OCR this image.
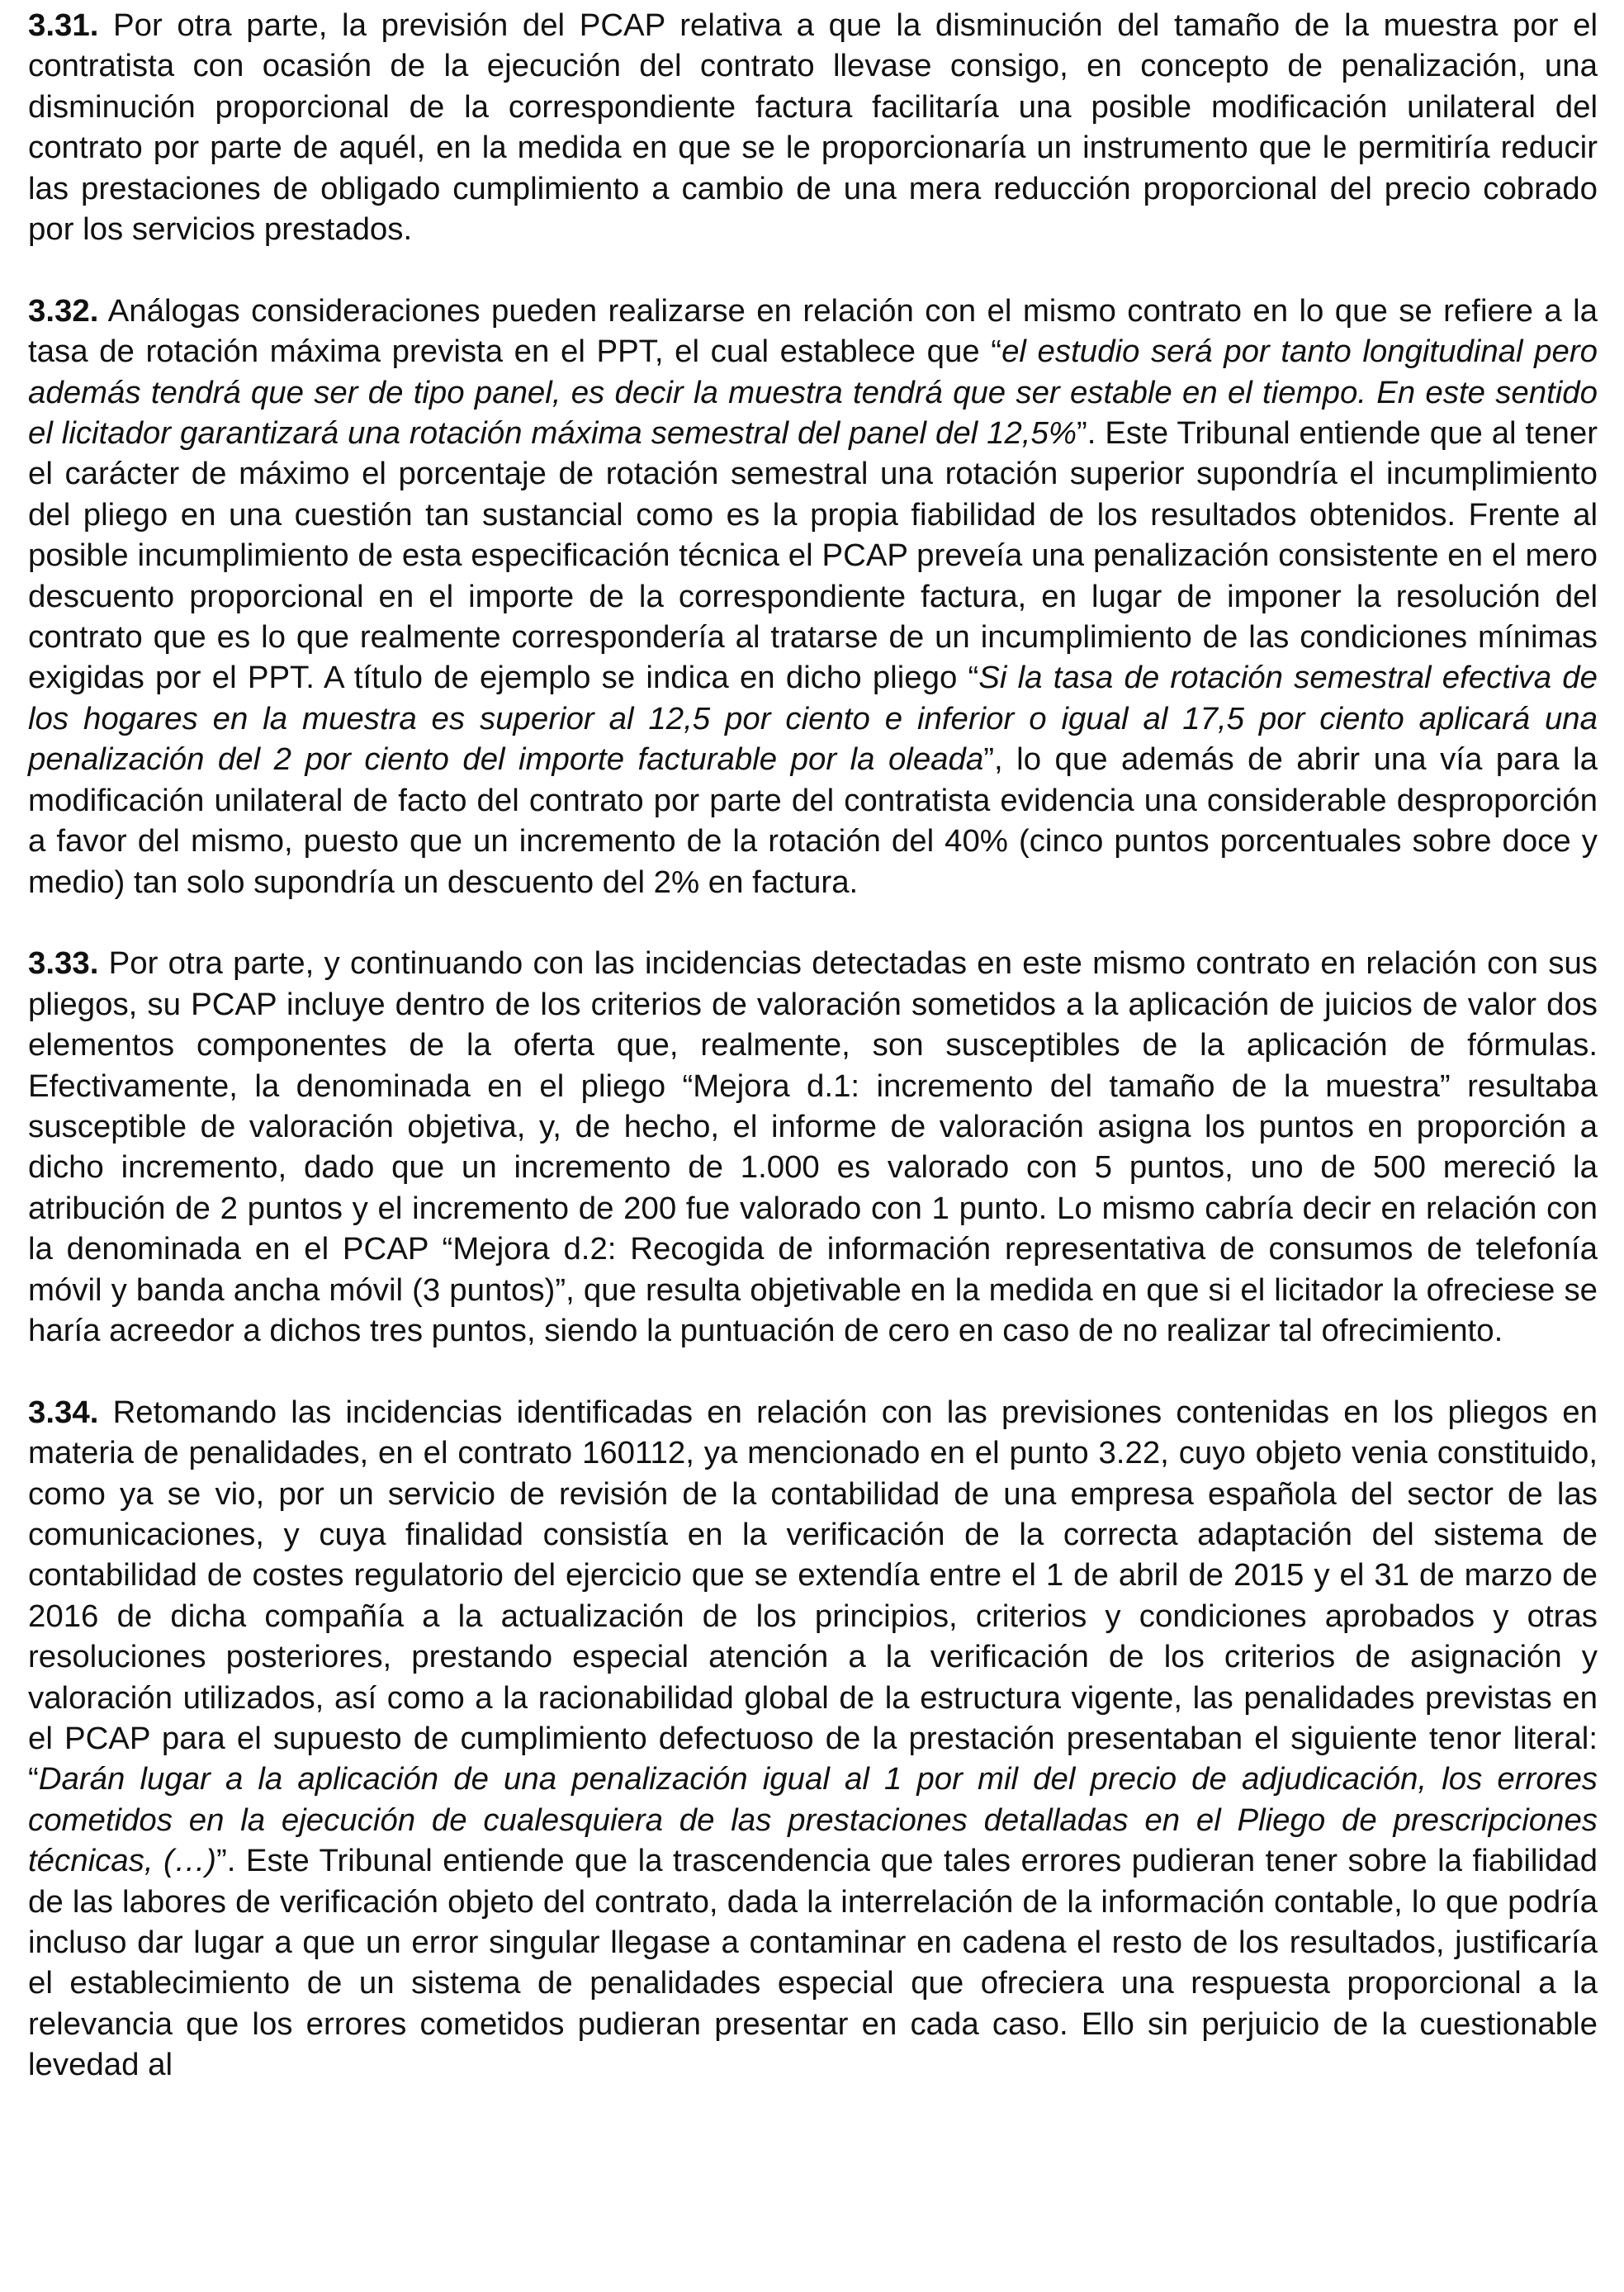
3.31. Por otra parte, la previsión del PCAP relativa a que la disminución del tamaño de la muestra por el contratista con ocasión de la ejecución del contrato llevase consigo, en concepto de penalización, una disminución proporcional de la correspondiente factura facilitaría una posible modificación unilateral del contrato por parte de aquél, en la medida en que se le proporcionaría un instrumento que le permitiría reducir las prestaciones de obligado cumplimiento a cambio de una mera reducción proporcional del precio cobrado por los servicios prestados.

3.32. Análogas consideraciones pueden realizarse en relación con el mismo contrato en lo que se refiere a la tasa de rotación máxima prevista en el PPT, el cual establece que “el estudio será por tanto longitudinal pero además tendrá que ser de tipo panel, es decir la muestra tendrá que ser estable en el tiempo. En este sentido el licitador garantizará una rotación máxima semestral del panel del 12,5%”. Este Tribunal entiende que al tener el carácter de máximo el porcentaje de rotación semestral una rotación superior supondría el incumplimiento del pliego en una cuestión tan sustancial como es la propia fiabilidad de los resultados obtenidos. Frente al posible incumplimiento de esta especificación técnica el PCAP preveía una penalización consistente en el mero descuento proporcional en el importe de la correspondiente factura, en lugar de imponer la resolución del contrato que es lo que realmente correspondería al tratarse de un incumplimiento de las condiciones mínimas exigidas por el PPT. A título de ejemplo se indica en dicho pliego “Si la tasa de rotación semestral efectiva de los hogares en la muestra es superior al 12,5 por ciento e inferior o igual al 17,5 por ciento aplicará una penalización del 2 por ciento del importe facturable por la oleada”, lo que además de abrir una vía para la modificación unilateral de facto del contrato por parte del contratista evidencia una considerable desproporción a favor del mismo, puesto que un incremento de la rotación del 40% (cinco puntos porcentuales sobre doce y medio) tan solo supondría un descuento del 2% en factura.

3.33. Por otra parte, y continuando con las incidencias detectadas en este mismo contrato en relación con sus pliegos, su PCAP incluye dentro de los criterios de valoración sometidos a la aplicación de juicios de valor dos elementos componentes de la oferta que, realmente, son susceptibles de la aplicación de fórmulas. Efectivamente, la denominada en el pliego “Mejora d.1: incremento del tamaño de la muestra” resultaba susceptible de valoración objetiva, y, de hecho, el informe de valoración asigna los puntos en proporción a dicho incremento, dado que un incremento de 1.000 es valorado con 5 puntos, uno de 500 mereció la atribución de 2 puntos y el incremento de 200 fue valorado con 1 punto. Lo mismo cabría decir en relación con la denominada en el PCAP “Mejora d.2: Recogida de información representativa de consumos de telefonía móvil y banda ancha móvil (3 puntos)”, que resulta objetivable en la medida en que si el licitador la ofreciese se haría acreedor a dichos tres puntos, siendo la puntuación de cero en caso de no realizar tal ofrecimiento.

3.34. Retomando las incidencias identificadas en relación con las previsiones contenidas en los pliegos en materia de penalidades, en el contrato 160112, ya mencionado en el punto 3.22, cuyo objeto venia constituido, como ya se vio, por un servicio de revisión de la contabilidad de una empresa española del sector de las comunicaciones, y cuya finalidad consistía en la verificación de la correcta adaptación del sistema de contabilidad de costes regulatorio del ejercicio que se extendía entre el 1 de abril de 2015 y el 31 de marzo de 2016 de dicha compañía a la actualización de los principios, criterios y condiciones aprobados y otras resoluciones posteriores, prestando especial atención a la verificación de los criterios de asignación y valoración utilizados, así como a la racionabilidad global de la estructura vigente, las penalidades previstas en el PCAP para el supuesto de cumplimiento defectuoso de la prestación presentaban el siguiente tenor literal: “Darán lugar a la aplicación de una penalización igual al 1 por mil del precio de adjudicación, los errores cometidos en la ejecución de cualesquiera de las prestaciones detalladas en el Pliego de prescripciones técnicas, (…)”. Este Tribunal entiende que la trascendencia que tales errores pudieran tener sobre la fiabilidad de las labores de verificación objeto del contrato, dada la interrelación de la información contable, lo que podría incluso dar lugar a que un error singular llegase a contaminar en cadena el resto de los resultados, justificaría el establecimiento de un sistema de penalidades especial que ofreciera una respuesta proporcional a la relevancia que los errores cometidos pudieran presentar en cada caso. Ello sin perjuicio de la cuestionable levedad al
